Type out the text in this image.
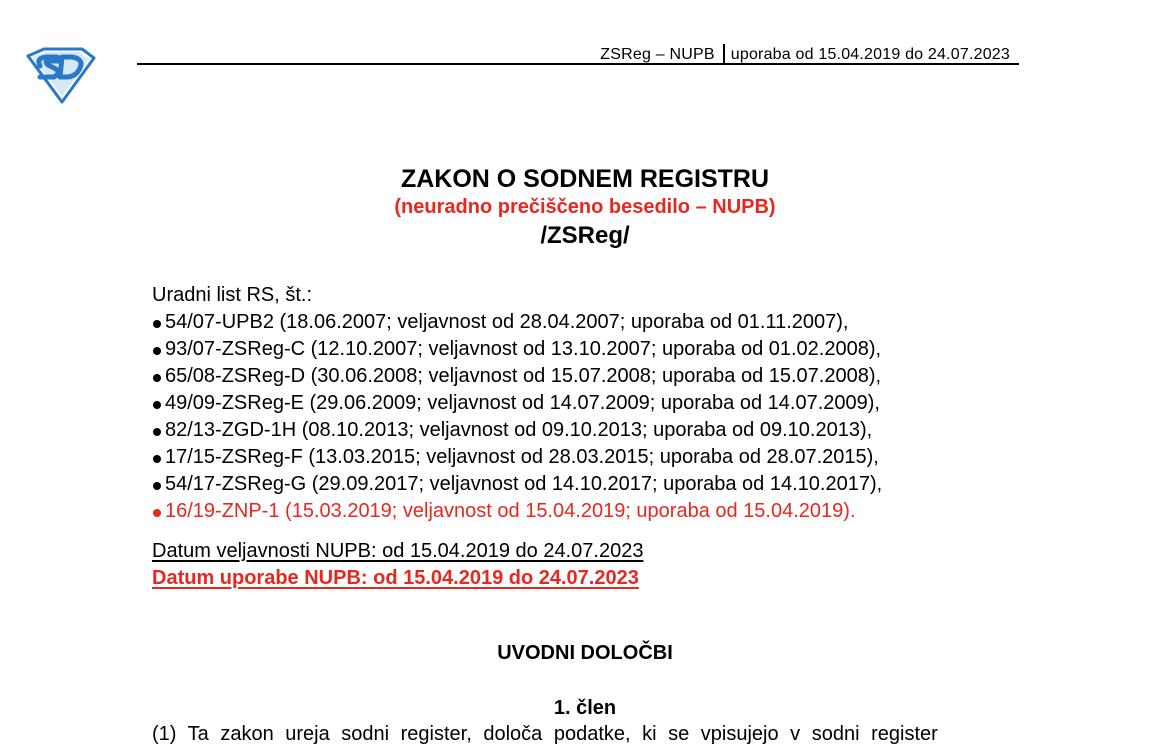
ZSReg – NUPB uporaba od 15.04.2019 do 24.07.2023
ZAKON O SODNEM REGISTRU
(neuradno prečiščeno besedilo – NUPB)
/ZSReg/
Uradni list RS, št.:
54/07-UPB2 (18.06.2007; veljavnost od 28.04.2007; uporaba od 01.11.2007),
93/07-ZSReg-C (12.10.2007; veljavnost od 13.10.2007; uporaba od 01.02.2008),
65/08-ZSReg-D (30.06.2008; veljavnost od 15.07.2008; uporaba od 15.07.2008),
49/09-ZSReg-E (29.06.2009; veljavnost od 14.07.2009; uporaba od 14.07.2009),
82/13-ZGD-1H (08.10.2013; veljavnost od 09.10.2013; uporaba od 09.10.2013),
17/15-ZSReg-F (13.03.2015; veljavnost od 28.03.2015; uporaba od 28.07.2015),
54/17-ZSReg-G (29.09.2017; veljavnost od 14.10.2017; uporaba od 14.10.2017),
16/19-ZNP-1 (15.03.2019; veljavnost od 15.04.2019; uporaba od 15.04.2019).
Datum veljavnosti NUPB: od 15.04.2019 do 24.07.2023
Datum uporabe NUPB: od 15.04.2019 do 24.07.2023
UVODNI DOLOČBI
1. člen
(1) Ta zakon ureja sodni register, določa podatke, ki se vpisujejo v sodni register
